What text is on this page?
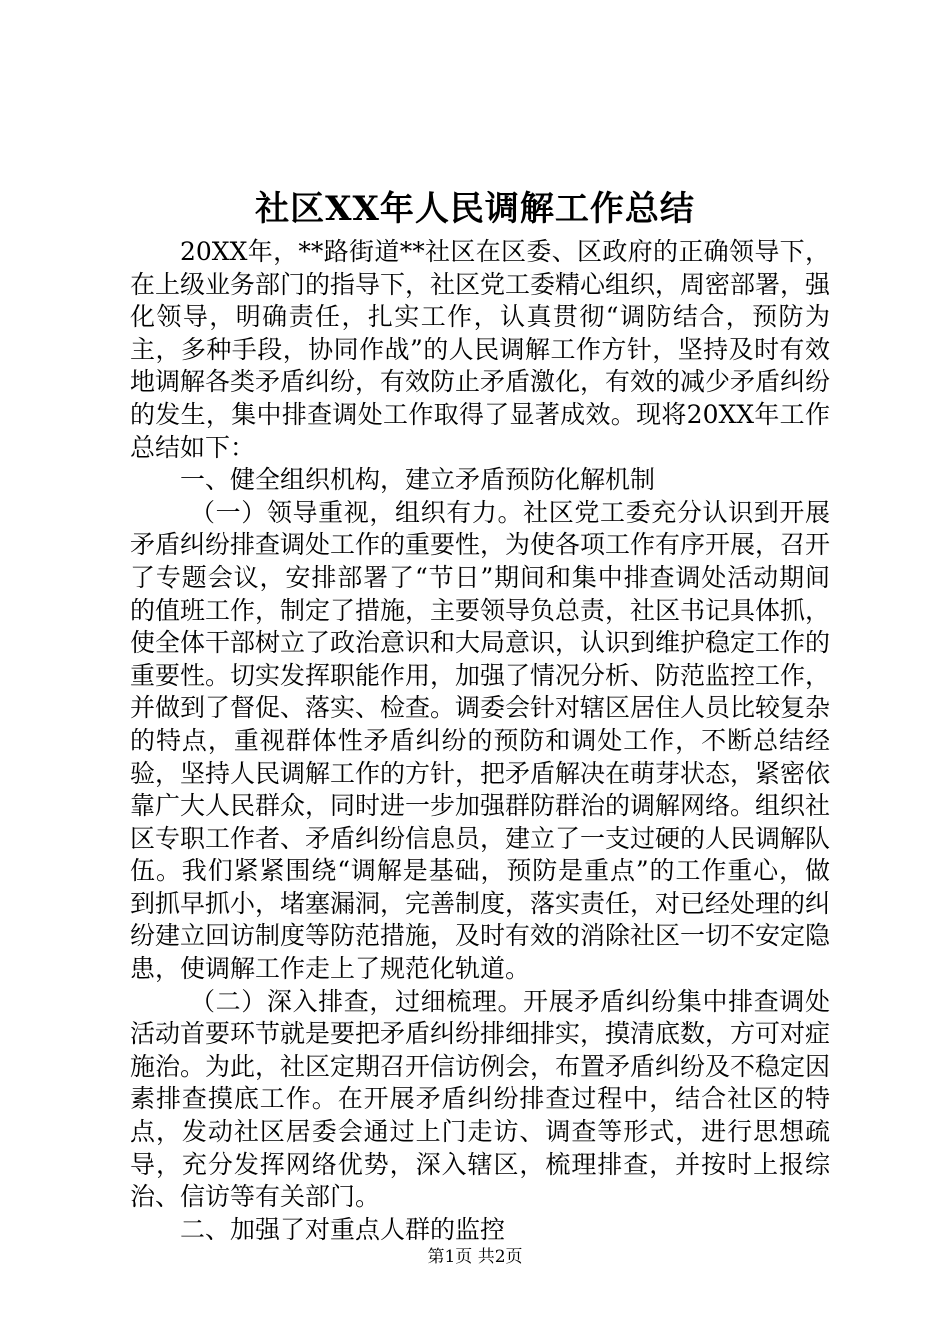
社区XX年人民调解工作总结

20XX年，**路街道**社区在区委、区政府的正确领导下，在上级业务部门的指导下，社区党工委精心组织，周密部署，强化领导，明确责任，扎实工作，认真贯彻“调防结合，预防为主，多种手段，协同作战”的人民调解工作方针，坚持及时有效地调解各类矛盾纠纷，有效防止矛盾激化，有效的减少矛盾纠纷的发生，集中排查调处工作取得了显著成效。现将20XX年工作总结如下：

一、健全组织机构，建立矛盾预防化解机制

（一）领导重视，组织有力。社区党工委充分认识到开展矛盾纠纷排查调处工作的重要性，为使各项工作有序开展，召开了专题会议，安排部署了“节日”期间和集中排查调处活动期间的值班工作，制定了措施，主要领导负总责，社区书记具体抓，使全体干部树立了政治意识和大局意识，认识到维护稳定工作的重要性。切实发挥职能作用，加强了情况分析、防范监控工作，并做到了督促、落实、检查。调委会针对辖区居住人员比较复杂的特点，重视群体性矛盾纠纷的预防和调处工作，不断总结经验，坚持人民调解工作的方针，把矛盾解决在萌芽状态，紧密依靠广大人民群众，同时进一步加强群防群治的调解网络。组织社区专职工作者、矛盾纠纷信息员，建立了一支过硬的人民调解队伍。我们紧紧围绕“调解是基础，预防是重点”的工作重心，做到抓早抓小，堵塞漏洞，完善制度，落实责任，对已经处理的纠纷建立回访制度等防范措施，及时有效的消除社区一切不安定隐患，使调解工作走上了规范化轨道。

（二）深入排查，过细梳理。开展矛盾纠纷集中排查调处活动首要环节就是要把矛盾纠纷排细排实，摸清底数，方可对症施治。为此，社区定期召开信访例会，布置矛盾纠纷及不稳定因素排查摸底工作。在开展矛盾纠纷排查过程中，结合社区的特点，发动社区居委会通过上门走访、调查等形式，进行思想疏导，充分发挥网络优势，深入辖区，梳理排查，并按时上报综治、信访等有关部门。

二、加强了对重点人群的监控

第1页 共2页
